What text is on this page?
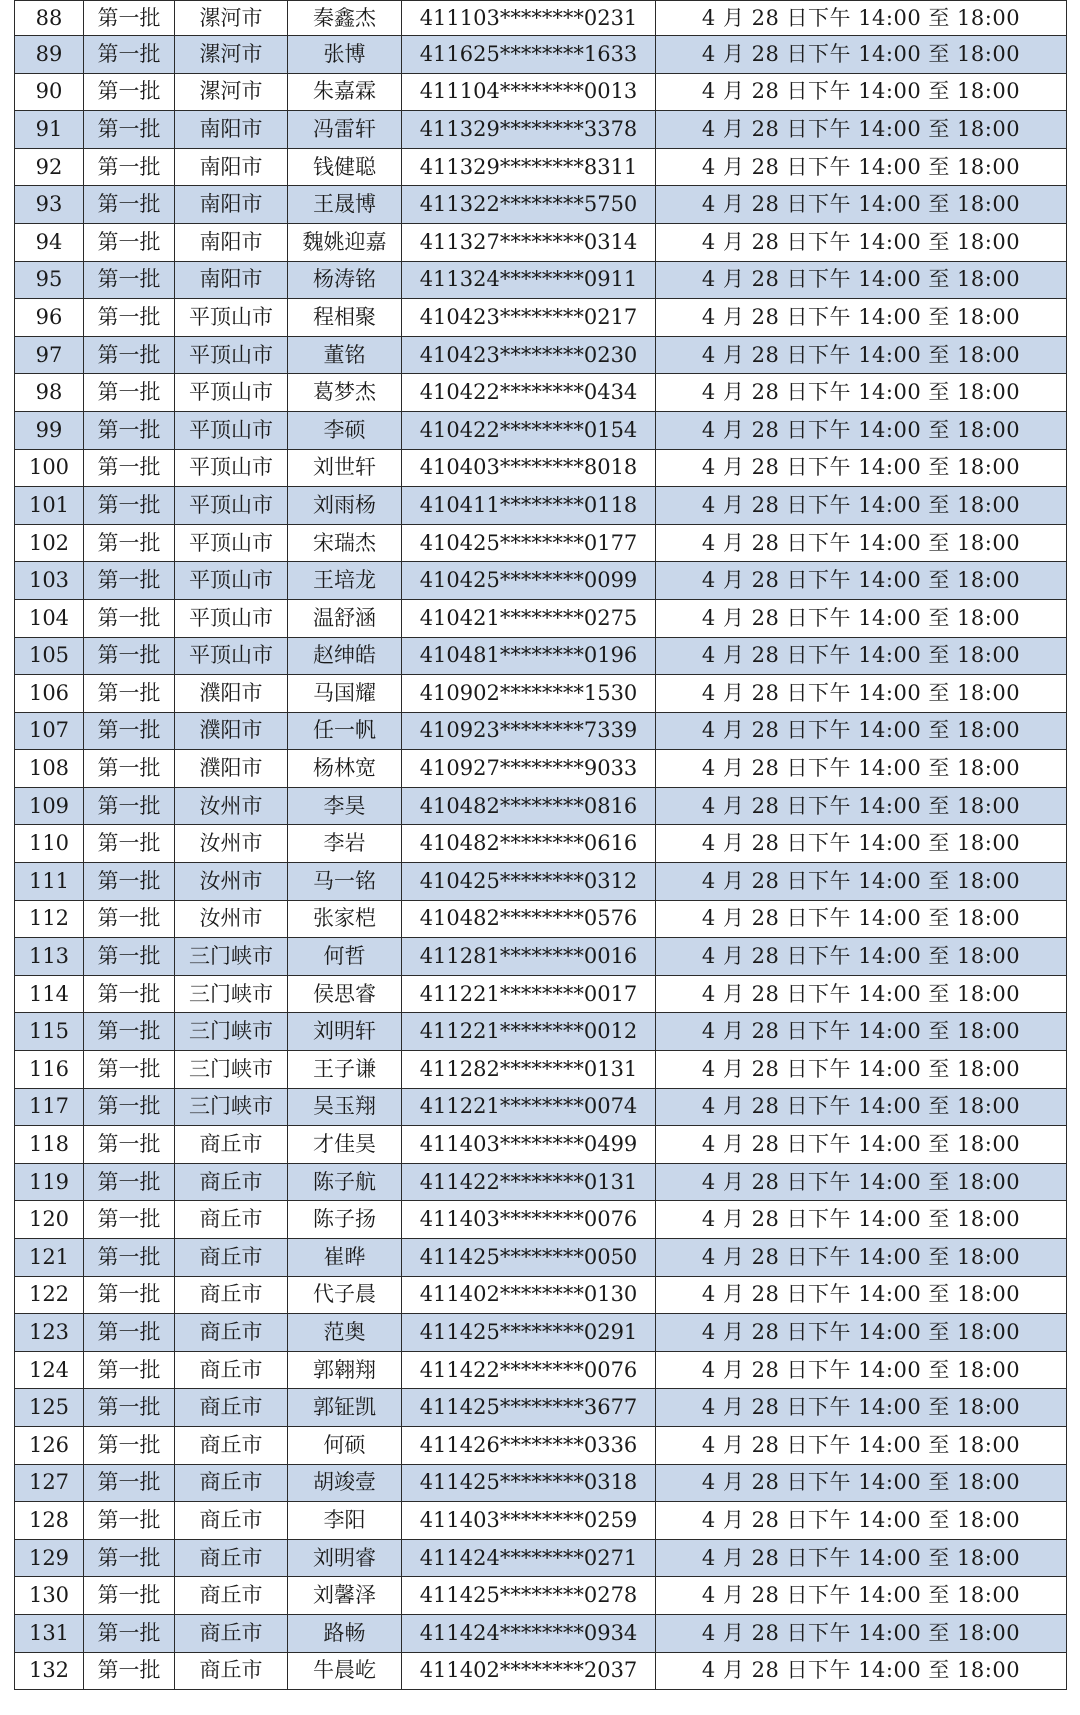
88	第一批	漯河市	秦鑫杰	411103********0231	4 月 28 日下午 14:00 至 18:00
89	第一批	漯河市	张博	411625********1633	4 月 28 日下午 14:00 至 18:00
90	第一批	漯河市	朱嘉霖	411104********0013	4 月 28 日下午 14:00 至 18:00
91	第一批	南阳市	冯雷轩	411329********3378	4 月 28 日下午 14:00 至 18:00
92	第一批	南阳市	钱健聪	411329********8311	4 月 28 日下午 14:00 至 18:00
93	第一批	南阳市	王晟博	411322********5750	4 月 28 日下午 14:00 至 18:00
94	第一批	南阳市	魏姚迎嘉	411327********0314	4 月 28 日下午 14:00 至 18:00
95	第一批	南阳市	杨涛铭	411324********0911	4 月 28 日下午 14:00 至 18:00
96	第一批	平顶山市	程相聚	410423********0217	4 月 28 日下午 14:00 至 18:00
97	第一批	平顶山市	董铭	410423********0230	4 月 28 日下午 14:00 至 18:00
98	第一批	平顶山市	葛梦杰	410422********0434	4 月 28 日下午 14:00 至 18:00
99	第一批	平顶山市	李硕	410422********0154	4 月 28 日下午 14:00 至 18:00
100	第一批	平顶山市	刘世轩	410403********8018	4 月 28 日下午 14:00 至 18:00
101	第一批	平顶山市	刘雨杨	410411********0118	4 月 28 日下午 14:00 至 18:00
102	第一批	平顶山市	宋瑞杰	410425********0177	4 月 28 日下午 14:00 至 18:00
103	第一批	平顶山市	王培龙	410425********0099	4 月 28 日下午 14:00 至 18:00
104	第一批	平顶山市	温舒涵	410421********0275	4 月 28 日下午 14:00 至 18:00
105	第一批	平顶山市	赵绅皓	410481********0196	4 月 28 日下午 14:00 至 18:00
106	第一批	濮阳市	马国耀	410902********1530	4 月 28 日下午 14:00 至 18:00
107	第一批	濮阳市	任一帆	410923********7339	4 月 28 日下午 14:00 至 18:00
108	第一批	濮阳市	杨林宽	410927********9033	4 月 28 日下午 14:00 至 18:00
109	第一批	汝州市	李昊	410482********0816	4 月 28 日下午 14:00 至 18:00
110	第一批	汝州市	李岩	410482********0616	4 月 28 日下午 14:00 至 18:00
111	第一批	汝州市	马一铭	410425********0312	4 月 28 日下午 14:00 至 18:00
112	第一批	汝州市	张家桤	410482********0576	4 月 28 日下午 14:00 至 18:00
113	第一批	三门峡市	何哲	411281********0016	4 月 28 日下午 14:00 至 18:00
114	第一批	三门峡市	侯思睿	411221********0017	4 月 28 日下午 14:00 至 18:00
115	第一批	三门峡市	刘明轩	411221********0012	4 月 28 日下午 14:00 至 18:00
116	第一批	三门峡市	王子谦	411282********0131	4 月 28 日下午 14:00 至 18:00
117	第一批	三门峡市	吴玉翔	411221********0074	4 月 28 日下午 14:00 至 18:00
118	第一批	商丘市	才佳昊	411403********0499	4 月 28 日下午 14:00 至 18:00
119	第一批	商丘市	陈子航	411422********0131	4 月 28 日下午 14:00 至 18:00
120	第一批	商丘市	陈子扬	411403********0076	4 月 28 日下午 14:00 至 18:00
121	第一批	商丘市	崔晔	411425********0050	4 月 28 日下午 14:00 至 18:00
122	第一批	商丘市	代子晨	411402********0130	4 月 28 日下午 14:00 至 18:00
123	第一批	商丘市	范奥	411425********0291	4 月 28 日下午 14:00 至 18:00
124	第一批	商丘市	郭翱翔	411422********0076	4 月 28 日下午 14:00 至 18:00
125	第一批	商丘市	郭钲凯	411425********3677	4 月 28 日下午 14:00 至 18:00
126	第一批	商丘市	何硕	411426********0336	4 月 28 日下午 14:00 至 18:00
127	第一批	商丘市	胡竣壹	411425********0318	4 月 28 日下午 14:00 至 18:00
128	第一批	商丘市	李阳	411403********0259	4 月 28 日下午 14:00 至 18:00
129	第一批	商丘市	刘明睿	411424********0271	4 月 28 日下午 14:00 至 18:00
130	第一批	商丘市	刘馨泽	411425********0278	4 月 28 日下午 14:00 至 18:00
131	第一批	商丘市	路畅	411424********0934	4 月 28 日下午 14:00 至 18:00
132	第一批	商丘市	牛晨屹	411402********2037	4 月 28 日下午 14:00 至 18:00
